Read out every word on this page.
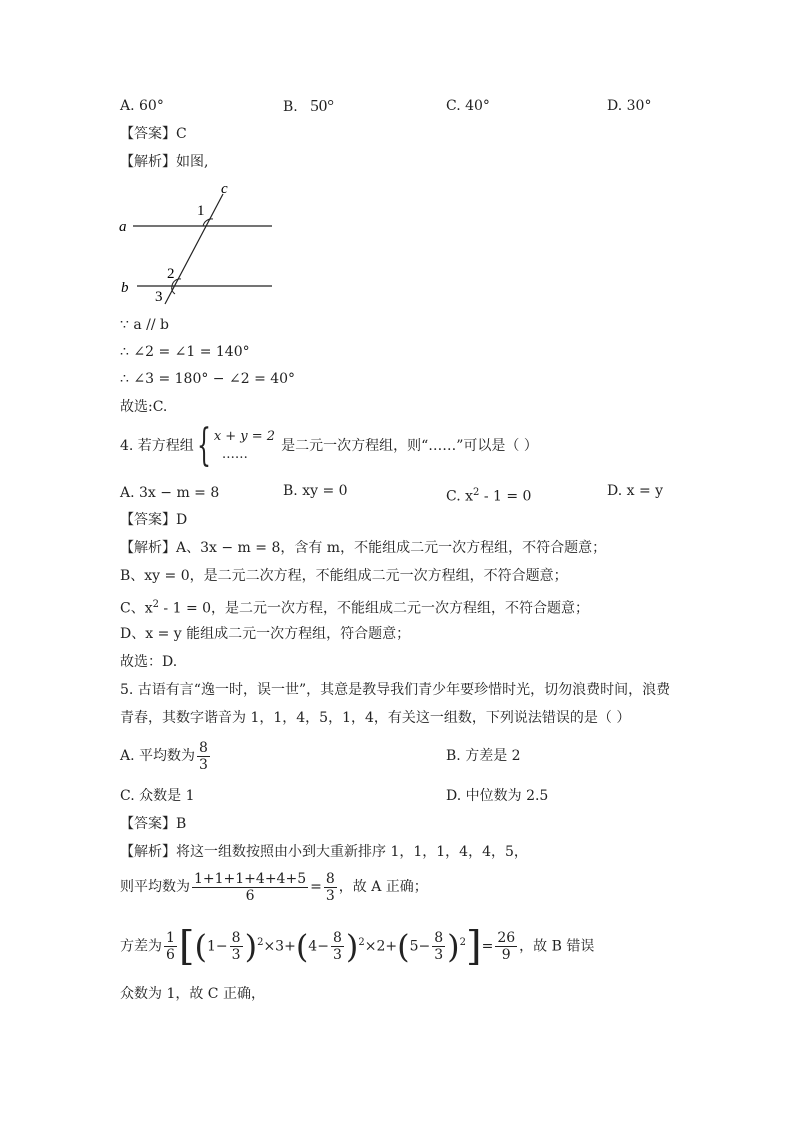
A. 60°	B. 50°	C. 40°	D. 30°
【答案】C
【解析】如图,
c
a
b
1
2
3
∵ a // b
∴ ∠2 = ∠1 = 140°
∴ ∠3 = 180° − ∠2 = 40°
故选:C.
4. 若方程组{ x + y = 2
……
是二元一次方程组，则“……”可以是（ ）
A. 3x − m = 8	B. xy = 0	C. $x^2 - 1 = 0$	D. x = y
【答案】D
【解析】A、3x − m = 8，含有 m，不能组成二元一次方程组，不符合题意；
B、xy = 0，是二元二次方程，不能组成二元一次方程组，不符合题意；
C、$x^2 - 1 = 0$，是二元一次方程，不能组成二元一次方程组，不符合题意；
D、x = y 能组成二元一次方程组，符合题意；
故选：D.
5. 古语有言“逸一时，误一世”，其意是教导我们青少年要珍惜时光，切勿浪费时间，浪费
青春，其数字谐音为 1，1，4，5，1，4，有关这一组数，下列说法错误的是（ ）
A. 平均数为 $\frac{8}{3}$	B. 方差是 2
C. 众数是 1	D. 中位数为 2.5
【答案】B
【解析】将这一组数按照由小到大重新排序 1，1，1，4，4，5，
则平均数为 $\frac{1+1+1+4+4+5}{6} = \frac{8}{3}$ ，故 A 正确；
方差为 $\frac{1}{6} [(1- \frac{8}{3} )^2\times 3+(4- \frac{8}{3} )^2\times 2+(5- \frac{8}{3} )^2]= \frac{26}{9}$ ，故 B 错误
众数为 1，故 C 正确，
